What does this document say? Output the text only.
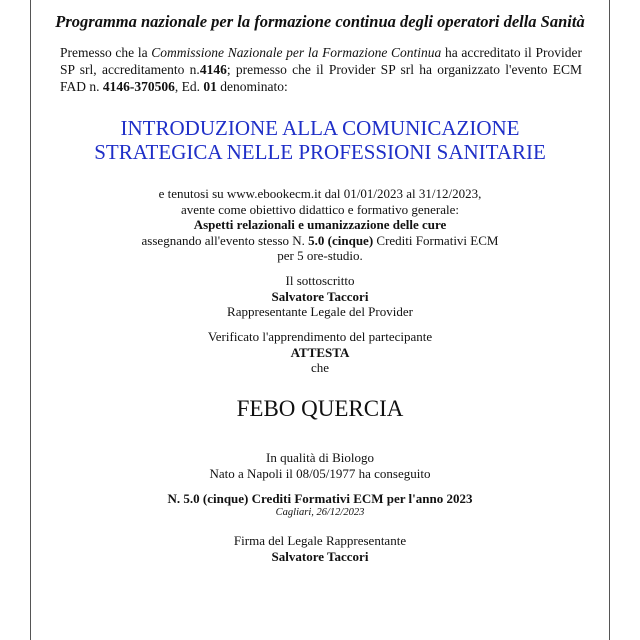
Programma nazionale per la formazione continua degli operatori della Sanità
Premesso che la Commissione Nazionale per la Formazione Continua ha accreditato il Provider SP srl, accreditamento n.4146; premesso che il Provider SP srl ha organizzato l'evento ECM FAD n. 4146-370506, Ed. 01 denominato:
INTRODUZIONE ALLA COMUNICAZIONE
STRATEGICA NELLE PROFESSIONI SANITARIE
e tenutosi su www.ebookecm.it dal 01/01/2023 al 31/12/2023,
avente come obiettivo didattico e formativo generale:
Aspetti relazionali e umanizzazione delle cure
assegnando all'evento stesso N. 5.0 (cinque) Crediti Formativi ECM
per 5 ore-studio.
Il sottoscritto
Salvatore Taccori
Rappresentante Legale del Provider
Verificato l'apprendimento del partecipante
ATTESTA
che
FEBO QUERCIA
In qualità di Biologo
Nato a Napoli il 08/05/1977 ha conseguito
N. 5.0 (cinque) Crediti Formativi ECM per l'anno 2023
Cagliari, 26/12/2023
Firma del Legale Rappresentante
Salvatore Taccori
